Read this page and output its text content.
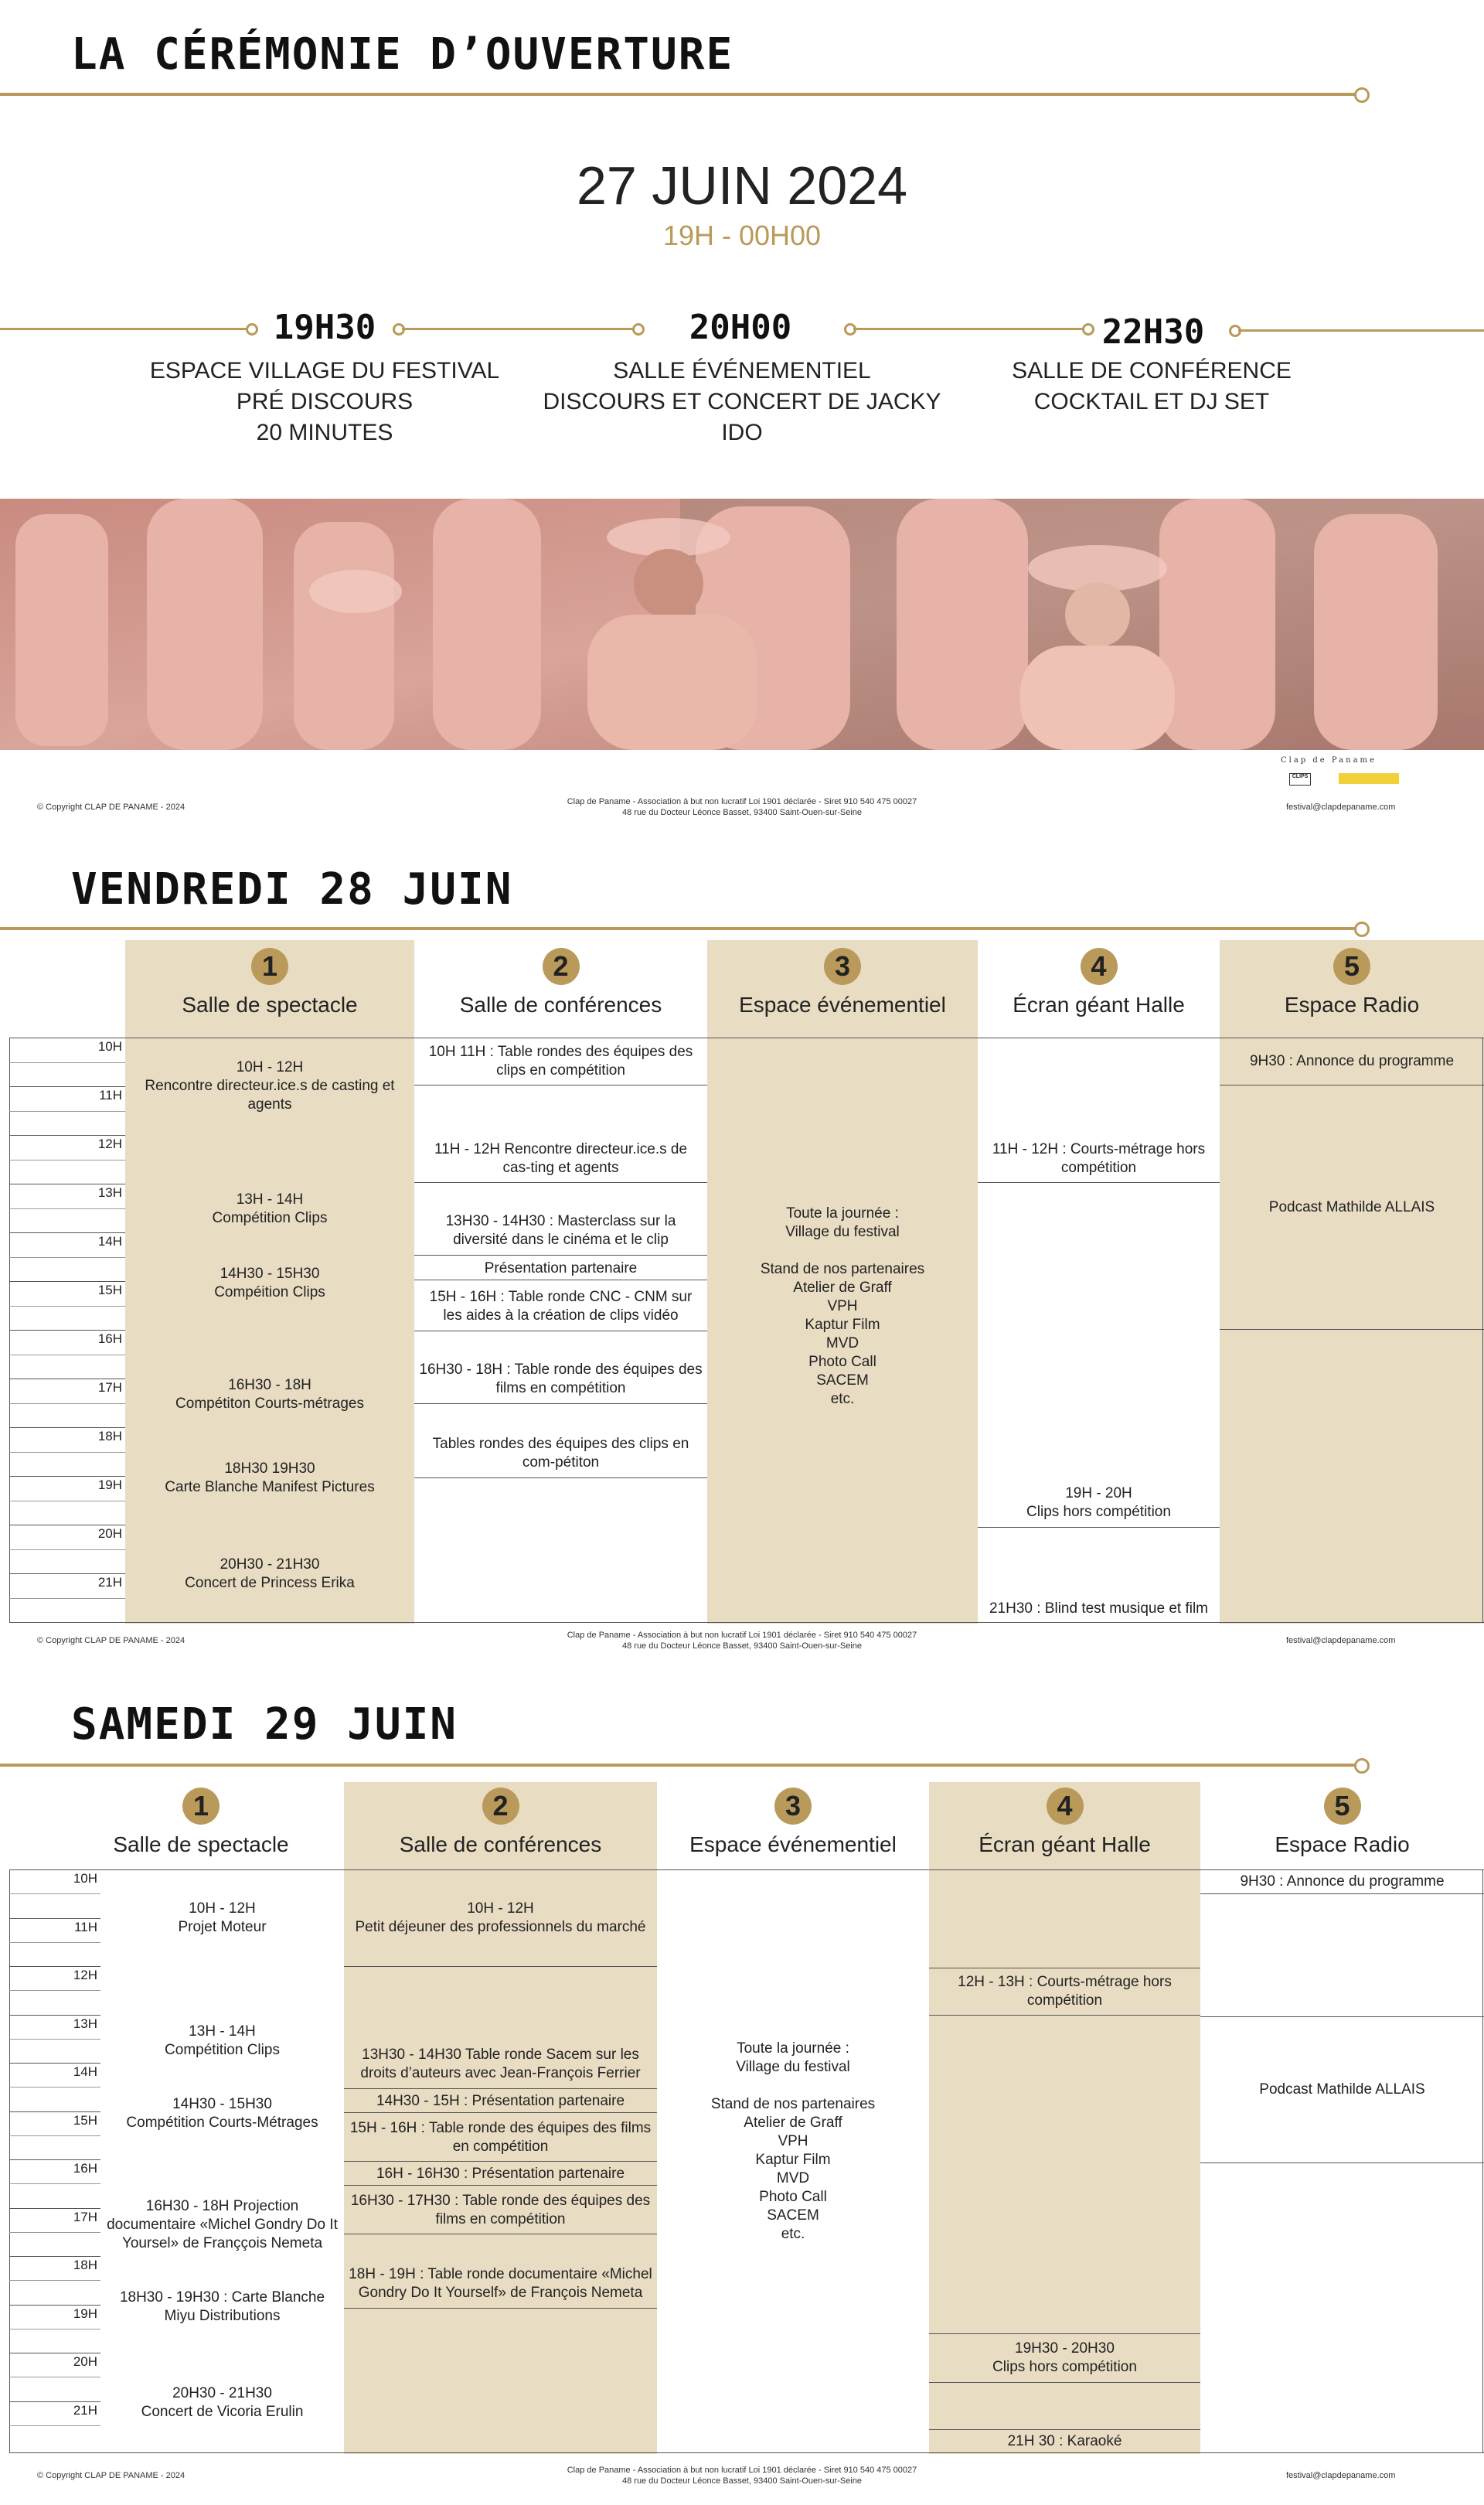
LA CÉRÉMONIE D’OUVERTURE
27 JUIN 2024
19H - 00H00
19H30	20H00	22H30
ESPACE VILLAGE DU FESTIVAL
PRÉ DISCOURS
20 MINUTES
SALLE ÉVÉNEMENTIEL
DISCOURS ET CONCERT DE JACKY
IDO
SALLE DE CONFÉRENCE
COCKTAIL ET DJ SET
Clap de Paname
CLIPS
© Copyright CLAP DE PANAME - 2024
Clap de Paname - Association à but non lucratif Loi 1901 déclarée - Siret 910 540 475 00027
48 rue du Docteur Léonce Basset, 93400 Saint-Ouen-sur-Seine
festival@clapdepaname.com
VENDREDI 28 JUIN
1
Salle de spectacle
2
Salle de conférences
3
Espace événementiel
4
Écran géant Halle
5
Espace Radio
10H
11H
12H
13H
14H
15H
16H
17H
18H
19H
20H
21H
10H - 12H
Rencontre directeur.ice.s de casting et agents
13H - 14H
Compétition Clips
14H30 - 15H30
Compéition Clips
16H30 - 18H
Compétiton Courts-métrages
18H30 19H30
Carte Blanche Manifest Pictures
20H30 - 21H30
Concert de Princess Erika
10H 11H : Table rondes des équipes des clips en compétition
11H - 12H Rencontre directeur.ice.s de cas-ting et agents
13H30 - 14H30 : Masterclass sur la diversité dans le cinéma et le clip
Présentation partenaire
15H - 16H : Table ronde CNC - CNM sur les aides à la création de clips vidéo
16H30 - 18H : Table ronde des équipes des films en compétition
Tables rondes des équipes des clips en com-pétiton
Toute la journée :
Village du festival

Stand de nos partenaires
Atelier de Graff
VPH
Kaptur Film
MVD
Photo Call
SACEM
etc.
11H - 12H : Courts-métrage hors compétition
19H - 20H
Clips hors compétition
21H30 : Blind test musique et film
9H30 : Annonce du programme
Podcast Mathilde ALLAIS
© Copyright CLAP DE PANAME - 2024
Clap de Paname - Association à but non lucratif Loi 1901 déclarée - Siret 910 540 475 00027
48 rue du Docteur Léonce Basset, 93400 Saint-Ouen-sur-Seine
festival@clapdepaname.com
SAMEDI 29 JUIN
1
Salle de spectacle
2
Salle de conférences
3
Espace événementiel
4
Écran géant Halle
5
Espace Radio
10H
11H
12H
13H
14H
15H
16H
17H
18H
19H
20H
21H
10H - 12H
Projet Moteur
13H - 14H
Compétition Clips
14H30 - 15H30
Compétition Courts-Métrages
16H30 - 18H Projection documentaire «Michel Gondry Do It Yoursel» de Franççois Nemeta
18H30 - 19H30 : Carte Blanche Miyu Distributions
20H30 - 21H30
Concert de Vicoria Erulin
10H - 12H
Petit déjeuner des professionnels du marché
13H30 - 14H30 Table ronde Sacem sur les droits d’auteurs avec Jean-François Ferrier
14H30 - 15H : Présentation partenaire
15H - 16H : Table ronde des équipes des films en compétition
16H - 16H30 : Présentation partenaire
16H30 - 17H30 : Table ronde des équipes des films en compétition
18H - 19H : Table ronde documentaire «Michel Gondry Do It Yourself» de François Nemeta
Toute la journée :
Village du festival

Stand de nos partenaires
Atelier de Graff
VPH
Kaptur Film
MVD
Photo Call
SACEM
etc.
12H - 13H : Courts-métrage hors compétition
19H30 - 20H30
Clips hors compétition
21H 30 : Karaoké
9H30 : Annonce du programme
Podcast Mathilde ALLAIS
© Copyright CLAP DE PANAME - 2024
Clap de Paname - Association à but non lucratif Loi 1901 déclarée - Siret 910 540 475 00027
48 rue du Docteur Léonce Basset, 93400 Saint-Ouen-sur-Seine
festival@clapdepaname.com
